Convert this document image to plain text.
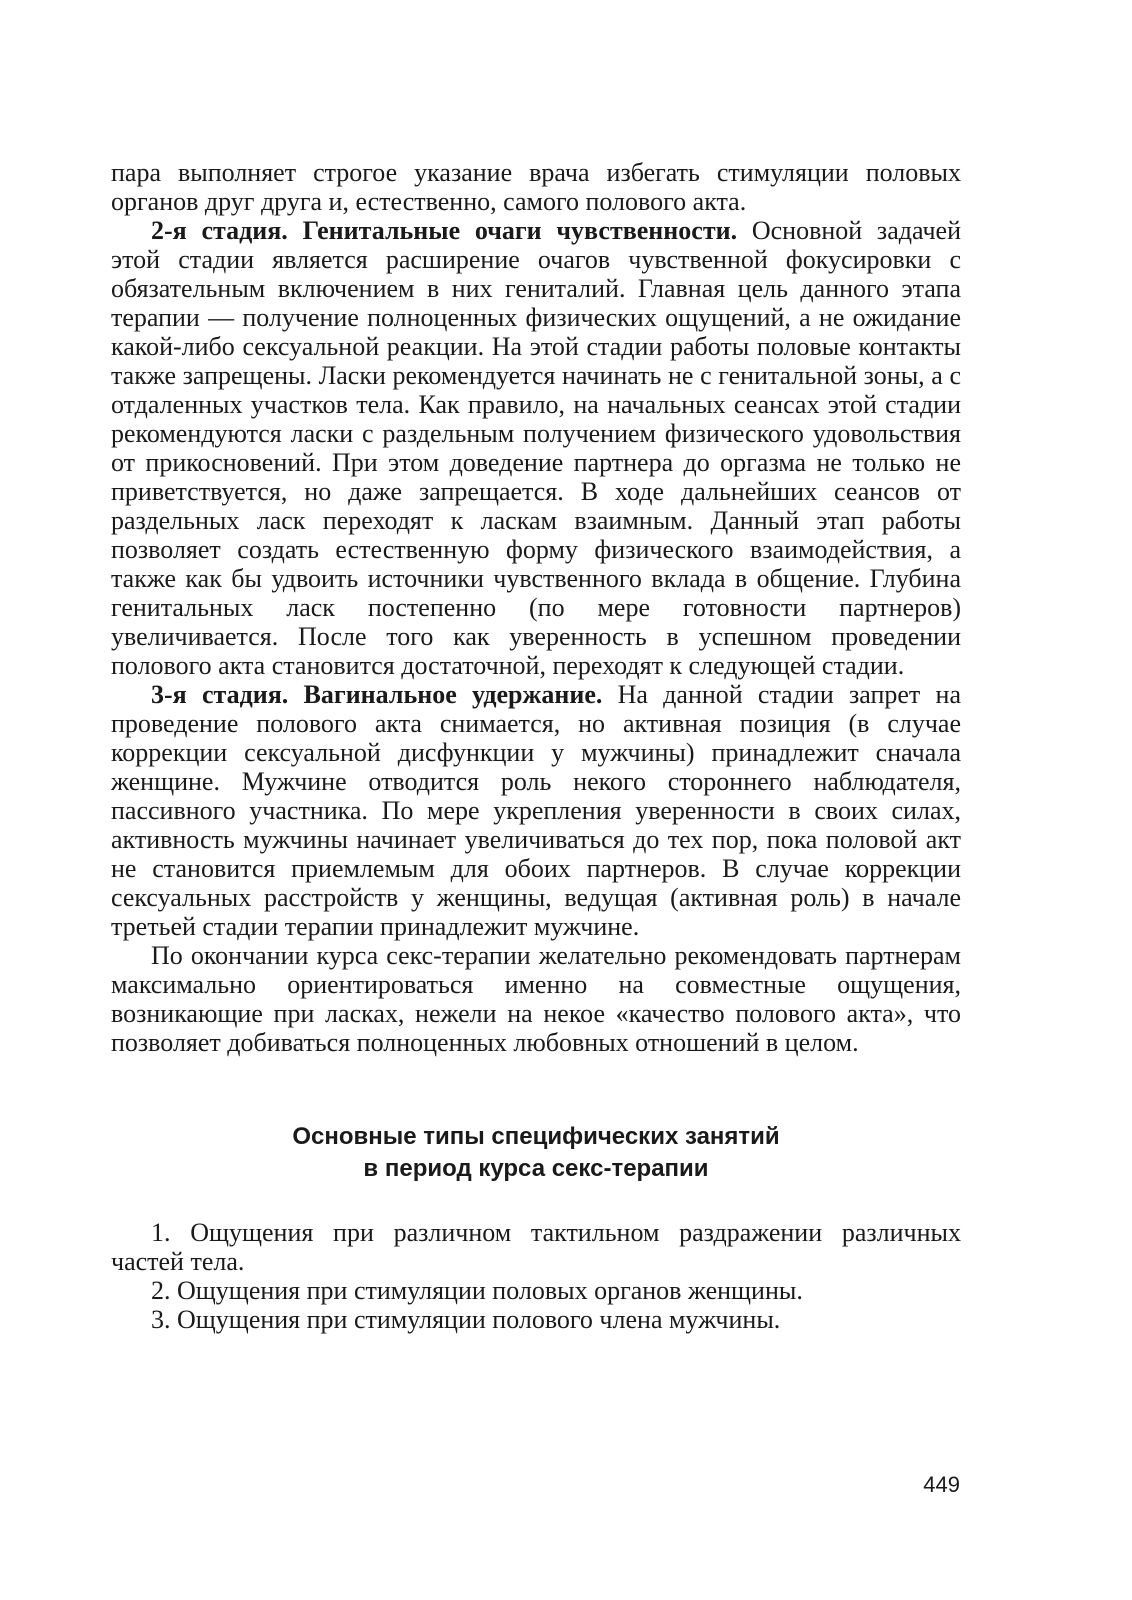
пара выполняет строгое указание врача избегать стимуляции половых органов друг друга и, естественно, самого полового акта.

2-я стадия. Генитальные очаги чувственности. Основной задачей этой стадии является расширение очагов чувственной фокусировки с обязательным включением в них гениталий. Главная цель данного этапа терапии — получение полноценных физических ощущений, а не ожидание какой-либо сексуальной реакции. На этой стадии работы половые контакты также запрещены. Ласки рекомендуется начинать не с генитальной зоны, а с отдаленных участков тела. Как правило, на начальных сеансах этой стадии рекомендуются ласки с раздельным получением физического удовольствия от прикосновений. При этом доведение партнера до оргазма не только не приветствуется, но даже запрещается. В ходе дальнейших сеансов от раздельных ласк переходят к ласкам взаимным. Данный этап работы позволяет создать естественную форму физического взаимодействия, а также как бы удвоить источники чувственного вклада в общение. Глубина генитальных ласк постепенно (по мере готовности партнеров) увеличивается. После того как уверенность в успешном проведении полового акта становится достаточной, переходят к следующей стадии.

3-я стадия. Вагинальное удержание. На данной стадии запрет на проведение полового акта снимается, но активная позиция (в случае коррекции сексуальной дисфункции у мужчины) принадлежит сначала женщине. Мужчине отводится роль некого стороннего наблюдателя, пассивного участника. По мере укрепления уверенности в своих силах, активность мужчины начинает увеличиваться до тех пор, пока половой акт не становится приемлемым для обоих партнеров. В случае коррекции сексуальных расстройств у женщины, ведущая (активная роль) в начале третьей стадии терапии принадлежит мужчине.

По окончании курса секс-терапии желательно рекомендовать партнерам максимально ориентироваться именно на совместные ощущения, возникающие при ласках, нежели на некое «качество полового акта», что позволяет добиваться полноценных любовных отношений в целом.

Основные типы специфических занятий
в период курса секс-терапии

1. Ощущения при различном тактильном раздражении различных частей тела.

2. Ощущения при стимуляции половых органов женщины.

3. Ощущения при стимуляции полового члена мужчины.

449
